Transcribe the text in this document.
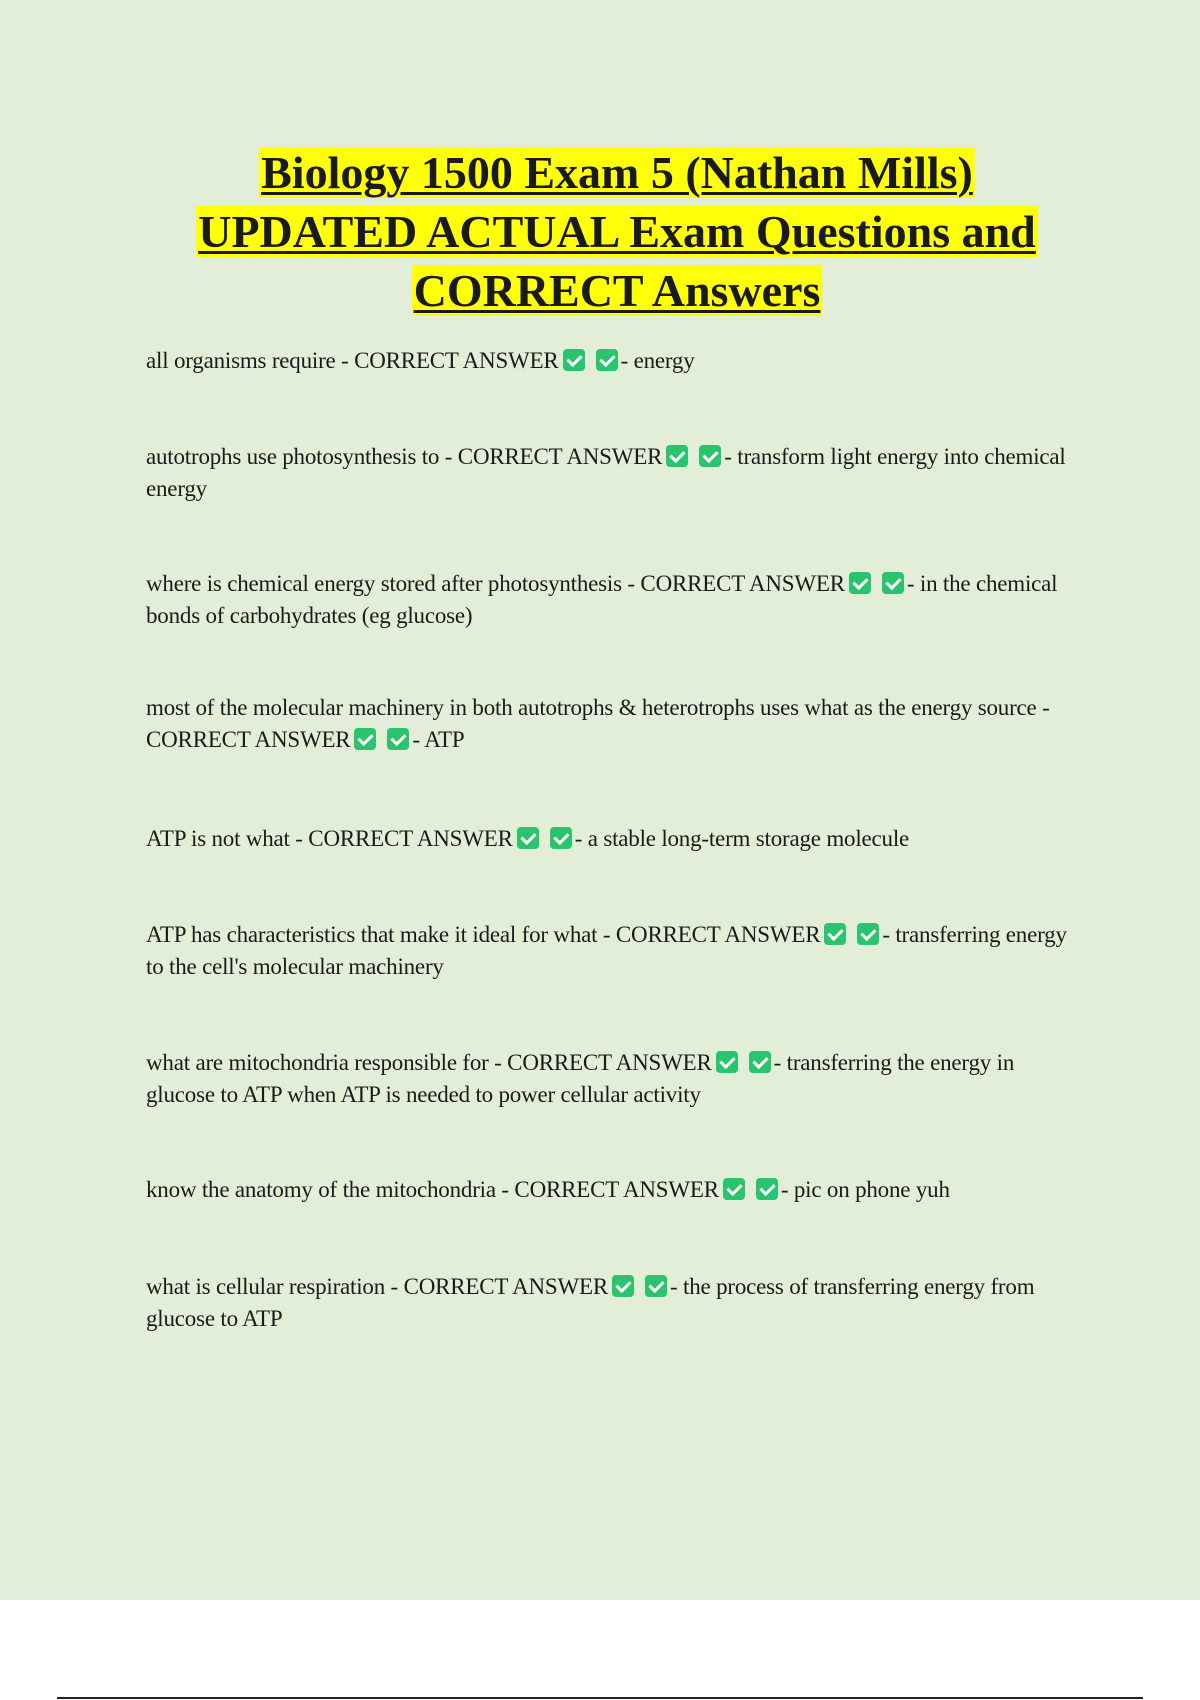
Biology 1500 Exam 5 (Nathan Mills)
UPDATED ACTUAL Exam Questions and
CORRECT Answers
all organisms require - CORRECT ANSWER	- energy
autotrophs use photosynthesis to - CORRECT ANSWER	- transform light energy into chemical energy
where is chemical energy stored after photosynthesis - CORRECT ANSWER	- in the chemical bonds of carbohydrates (eg glucose)
most of the molecular machinery in both autotrophs & heterotrophs uses what as the energy source - CORRECT ANSWER	- ATP
ATP is not what - CORRECT ANSWER	- a stable long-term storage molecule
ATP has characteristics that make it ideal for what - CORRECT ANSWER	- transferring energy to the cell's molecular machinery
what are mitochondria responsible for - CORRECT ANSWER	- transferring the energy in glucose to ATP when ATP is needed to power cellular activity
know the anatomy of the mitochondria - CORRECT ANSWER	- pic on phone yuh
what is cellular respiration - CORRECT ANSWER	- the process of transferring energy from glucose to ATP
